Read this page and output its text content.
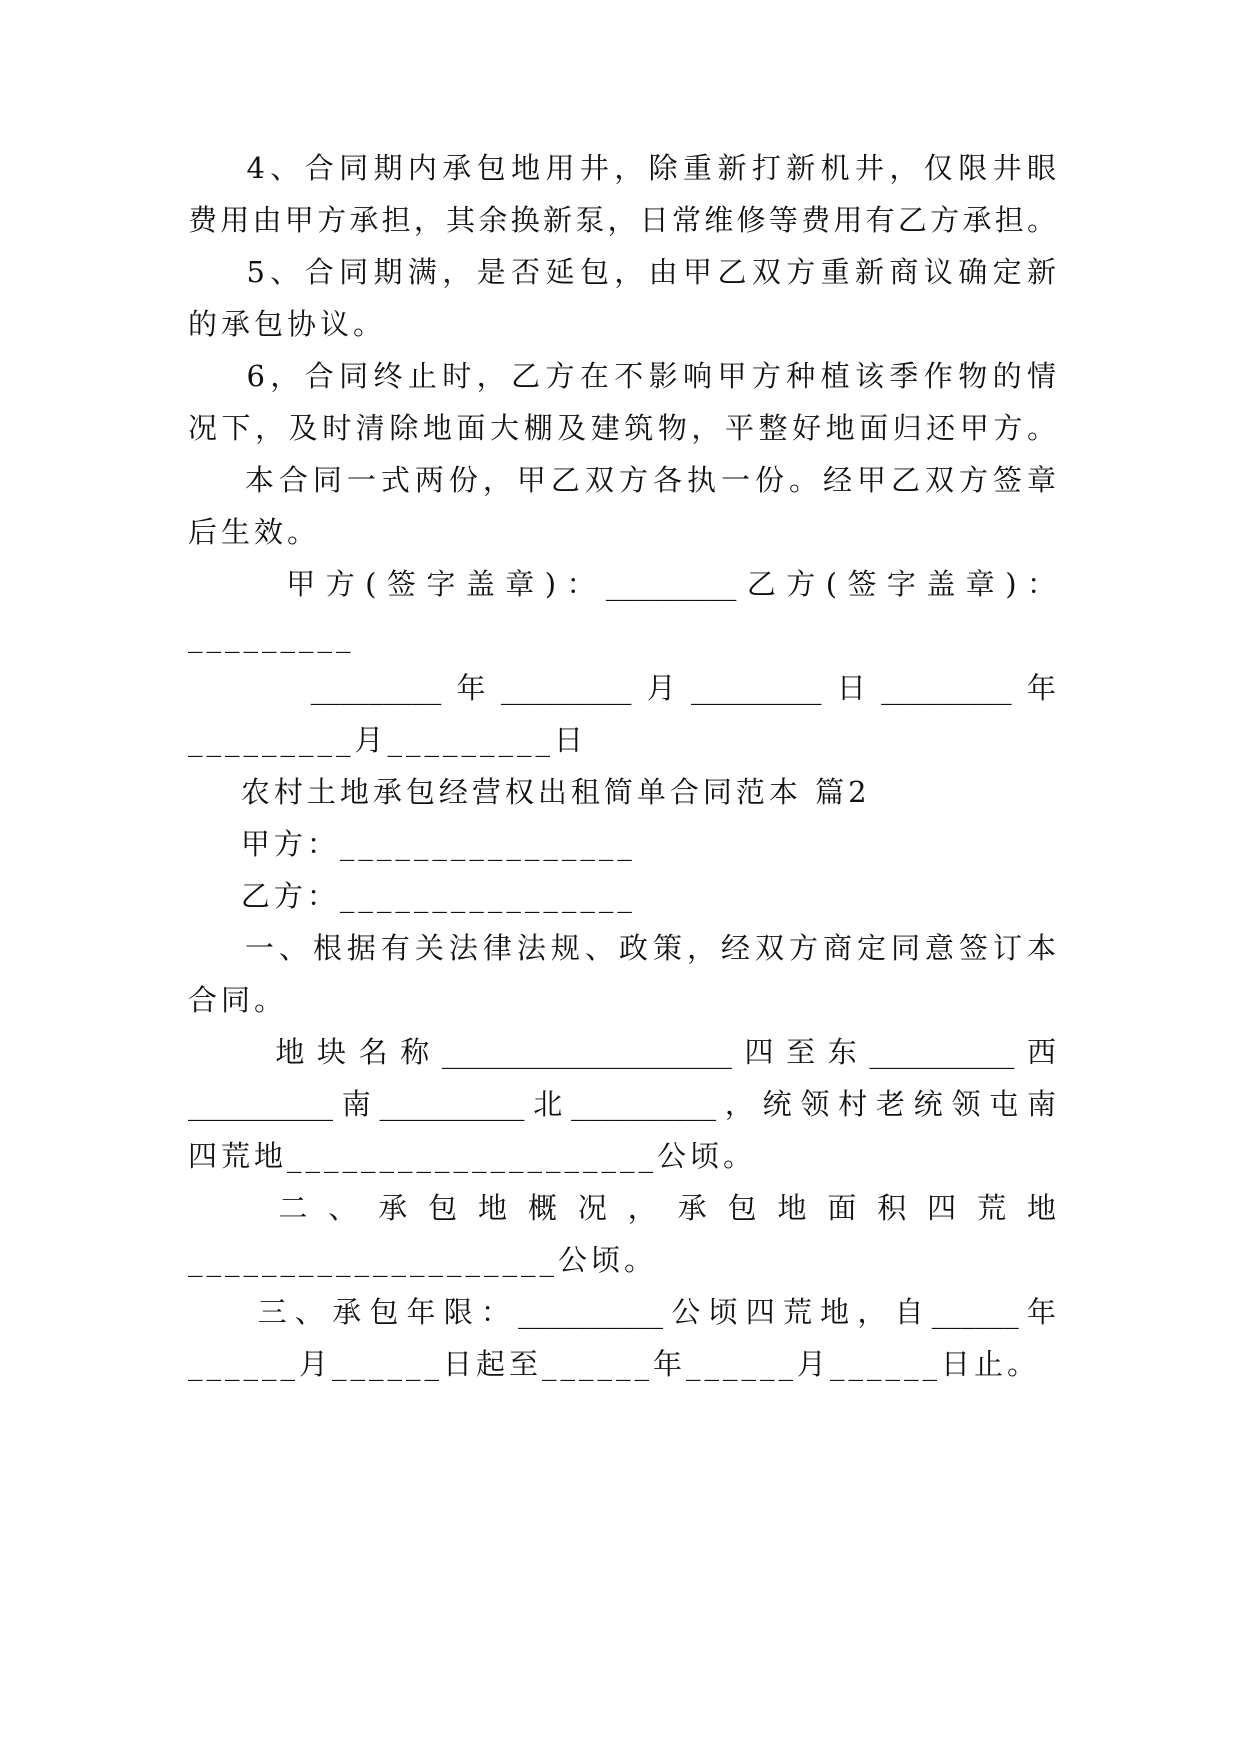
4、合同期内承包地用井，除重新打新机井，仅限井眼
费用由甲方承担，其余换新泵，日常维修等费用有乙方承担。
5、合同期满，是否延包，由甲乙双方重新商议确定新
的承包协议。
6，合同终止时，乙方在不影响甲方种植该季作物的情
况下，及时清除地面大棚及建筑物，平整好地面归还甲方。
本合同一式两份，甲乙双方各执一份。经甲乙双方签章
后生效。
甲方(签字盖章)：_________乙方(签字盖章)：
_________
_________年_________月_________日_________年
_________月_________日
农村土地承包经营权出租简单合同范本 篇2
甲方：________________
乙方：________________
一、根据有关法律法规、政策，经双方商定同意签订本
合同。
地块名称____________________四至东__________西
__________南__________北__________，统领村老统领屯南
四荒地____________________公顷。
二 、 承 包 地 概 况 ， 承 包 地 面 积 四 荒 地
____________________公顷。
三、承包年限：__________公顷四荒地，自______年
______月______日起至______年______月______日止。
